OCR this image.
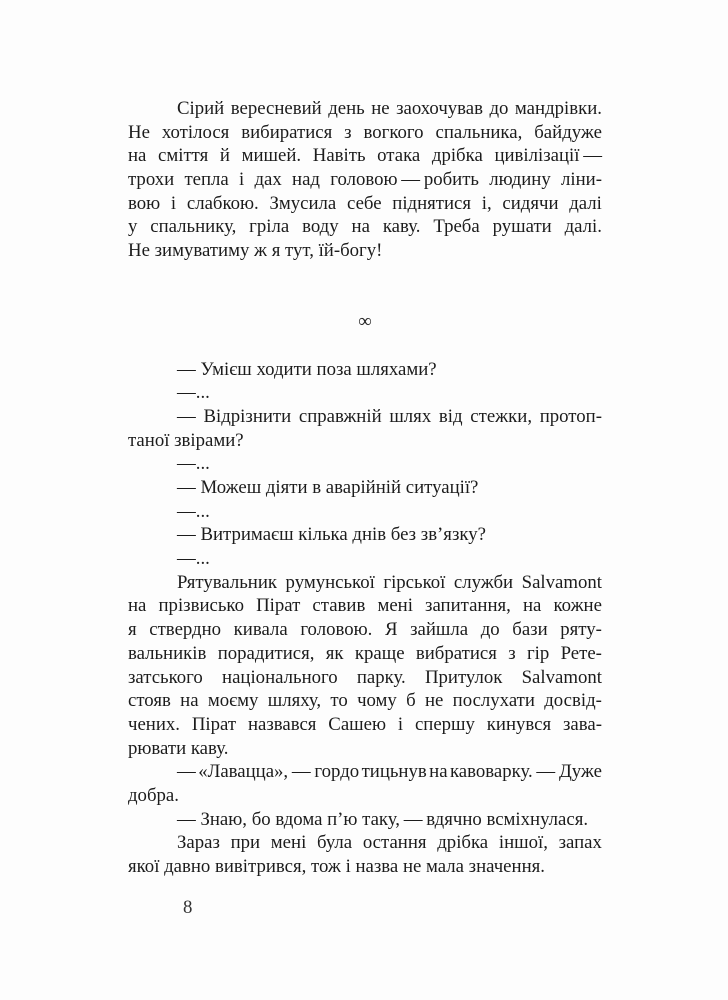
Сірий вересневий день не заохочував до мандрівки.
Не хотілося вибиратися з вогкого спальника, байдуже
на сміття й мишей. Навіть отака дрібка цивілізації —
трохи тепла і дах над головою — робить людину ліни-
вою і слабкою. Змусила себе піднятися і, сидячи далі
у спальнику, гріла воду на каву. Треба рушати далі.
Не зимуватиму ж я тут, їй-богу!
∞
— Умієш ходити поза шляхами?
—...
— Відрізнити справжній шлях від стежки, протоп-
таної звірами?
—...
— Можеш діяти в аварійній ситуації?
—...
— Витримаєш кілька днів без зв’язку?
—...
Рятувальник румунської гірської служби Salvamont
на прізвисько Пірат ставив мені запитання, на кожне
я ствердно кивала головою. Я зайшла до бази ряту-
вальників порадитися, як краще вибратися з гір Рете-
затського національного парку. Притулок Salvamont
стояв на моєму шляху, то чому б не послухати досвід-
чених. Пірат назвався Сашею і спершу кинувся зава-
рювати каву.
— «Лавацца», — гордо тицьнув на кавоварку. — Дуже
добра.
— Знаю, бо вдома п’ю таку, — вдячно всміхнулася.
Зараз при мені була остання дрібка іншої, запах
якої давно вивітрився, тож і назва не мала значення.
8
